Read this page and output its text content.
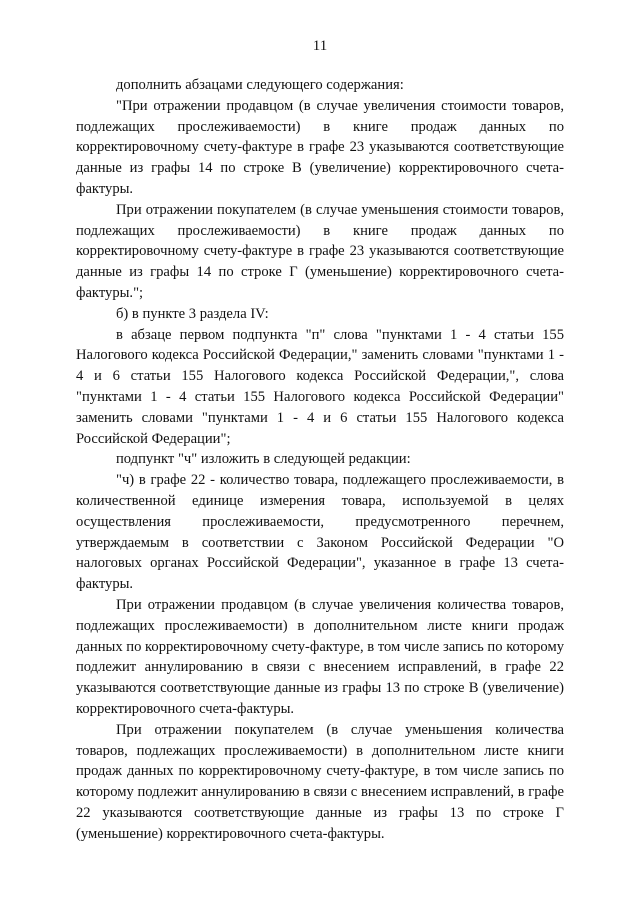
11

дополнить абзацами следующего содержания:

"При отражении продавцом (в случае увеличения стоимости товаров, подлежащих прослеживаемости) в книге продаж данных по корректировочному счету-фактуре в графе 23 указываются соответствующие данные из графы 14 по строке В (увеличение) корректировочного счета-фактуры.

При отражении покупателем (в случае уменьшения стоимости товаров, подлежащих прослеживаемости) в книге продаж данных по корректировочному счету-фактуре в графе 23 указываются соответствующие данные из графы 14 по строке Г (уменьшение) корректировочного счета-фактуры.";

б) в пункте 3 раздела IV:

в абзаце первом подпункта "п" слова "пунктами 1 - 4 статьи 155 Налогового кодекса Российской Федерации," заменить словами "пунктами 1 - 4 и 6 статьи 155 Налогового кодекса Российской Федерации,", слова "пунктами 1 - 4 статьи 155 Налогового кодекса Российской Федерации" заменить словами "пунктами 1 - 4 и 6 статьи 155 Налогового кодекса Российской Федерации";

подпункт "ч" изложить в следующей редакции:

"ч) в графе 22 - количество товара, подлежащего прослеживаемости, в количественной единице измерения товара, используемой в целях осуществления прослеживаемости, предусмотренного перечнем, утверждаемым в соответствии с Законом Российской Федерации "О налоговых органах Российской Федерации", указанное в графе 13 счета-фактуры.

При отражении продавцом (в случае увеличения количества товаров, подлежащих прослеживаемости) в дополнительном листе книги продаж данных по корректировочному счету-фактуре, в том числе запись по которому подлежит аннулированию в связи с внесением исправлений, в графе 22 указываются соответствующие данные из графы 13 по строке В (увеличение) корректировочного счета-фактуры.

При отражении покупателем (в случае уменьшения количества товаров, подлежащих прослеживаемости) в дополнительном листе книги продаж данных по корректировочному счету-фактуре, в том числе запись по которому подлежит аннулированию в связи с внесением исправлений, в графе 22 указываются соответствующие данные из графы 13 по строке Г (уменьшение) корректировочного счета-фактуры.
